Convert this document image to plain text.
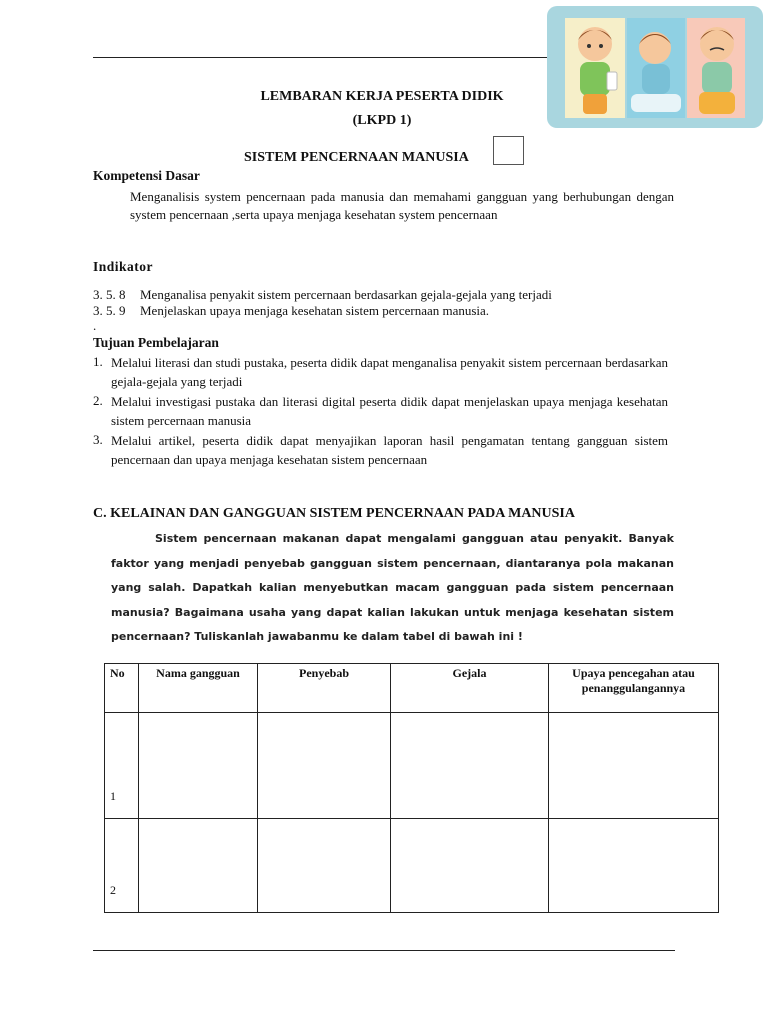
LEMBARAN KERJA PESERTA DIDIK
(LKPD 1)
SISTEM PENCERNAAN MANUSIA
Kompetensi Dasar
Menganalisis system pencernaan pada manusia dan memahami gangguan yang berhubungan dengan system pencernaan ,serta upaya menjaga kesehatan system pencernaan
Indikator
3. 5. 8 Menganalisa penyakit sistem percernaan berdasarkan gejala-gejala yang terjadi
3. 5. 9 Menjelaskan upaya menjaga kesehatan sistem percernaan manusia.
.
Tujuan Pembelajaran
1. Melalui literasi dan studi pustaka, peserta didik dapat menganalisa penyakit sistem percernaan berdasarkan gejala-gejala yang terjadi
2. Melalui investigasi pustaka dan literasi digital peserta didik dapat menjelaskan upaya menjaga kesehatan sistem percernaan manusia
3. Melalui artikel, peserta didik dapat menyajikan laporan hasil pengamatan tentang gangguan sistem pencernaan dan upaya menjaga kesehatan sistem pencernaan
C. KELAINAN DAN GANGGUAN SISTEM PENCERNAAN PADA MANUSIA
Sistem pencernaan makanan dapat mengalami gangguan atau penyakit. Banyak faktor yang menjadi penyebab gangguan sistem pencernaan, diantaranya pola makanan yang salah. Dapatkah kalian menyebutkan macam gangguan pada sistem pencernaan manusia? Bagaimana usaha yang dapat kalian lakukan untuk menjaga kesehatan sistem pencernaan? Tuliskanlah jawabanmu ke dalam tabel di bawah ini !
No	Nama gangguan	Penyebab	Gejala	Upaya pencegahan atau penanggulangannya
1				
2				
